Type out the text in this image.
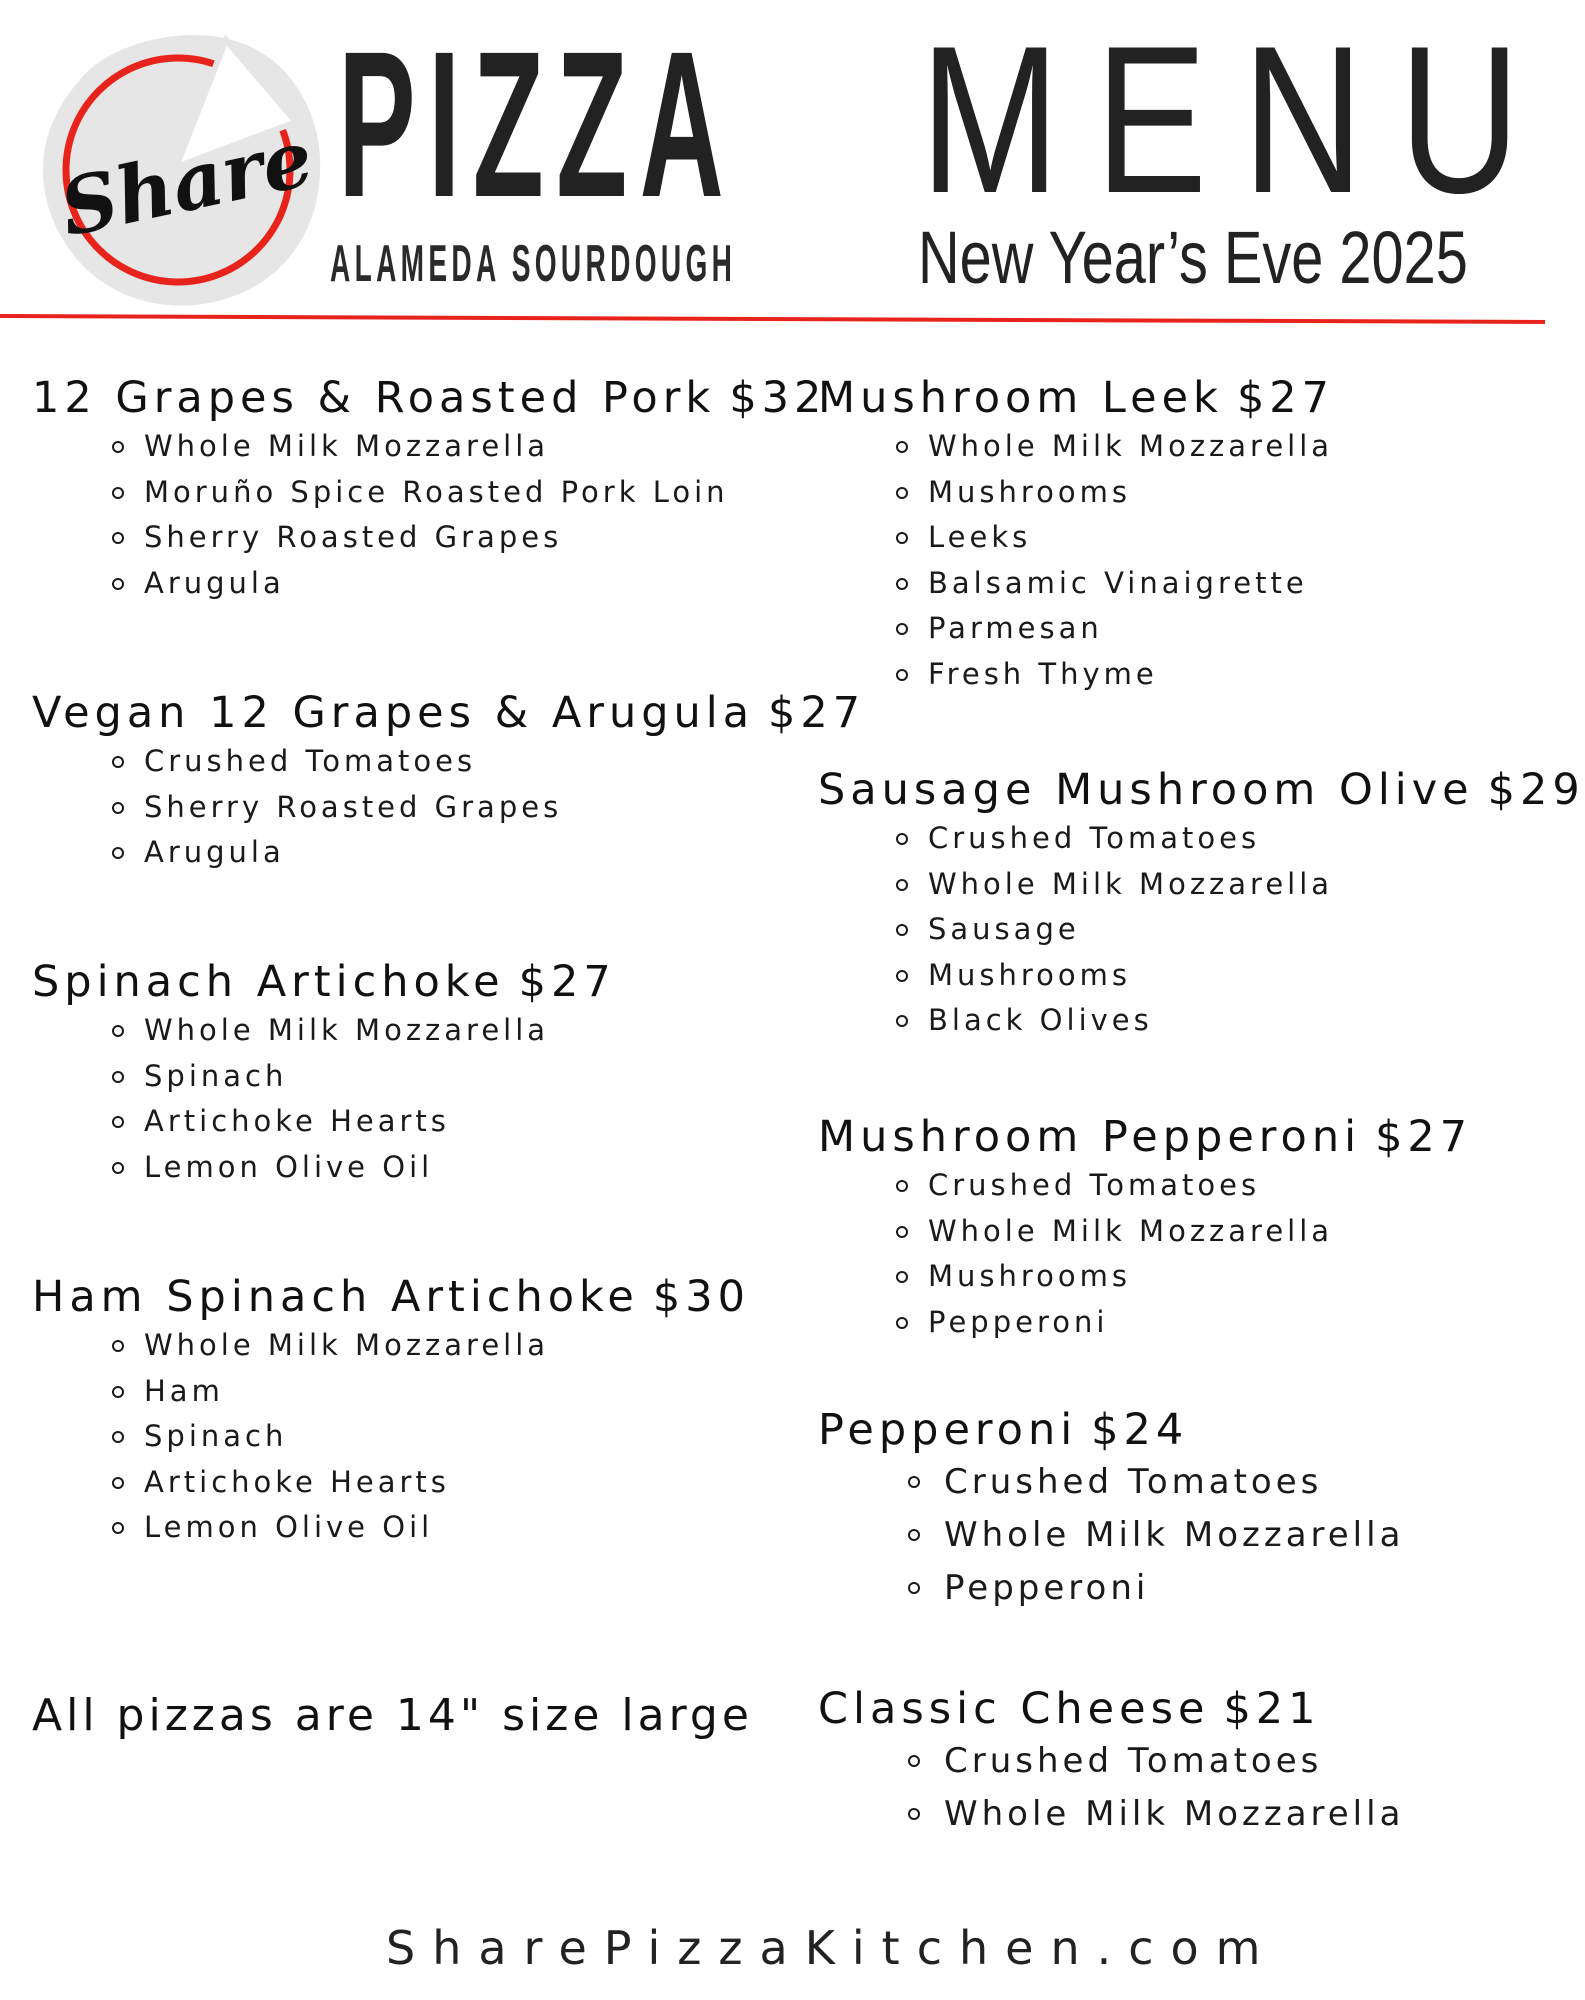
Share PIZZA
ALAMEDA SOURDOUGH
MENU
New Year’s Eve 2025
12 Grapes & Roasted Pork $32
Whole Milk Mozzarella
Moruño Spice Roasted Pork Loin
Sherry Roasted Grapes
Arugula
Vegan 12 Grapes & Arugula $27
Crushed Tomatoes
Sherry Roasted Grapes
Arugula
Spinach Artichoke $27
Whole Milk Mozzarella
Spinach
Artichoke Hearts
Lemon Olive Oil
Ham Spinach Artichoke $30
Whole Milk Mozzarella
Ham
Spinach
Artichoke Hearts
Lemon Olive Oil
All pizzas are 14" size large
Mushroom Leek $27
Whole Milk Mozzarella
Mushrooms
Leeks
Balsamic Vinaigrette
Parmesan
Fresh Thyme
Sausage Mushroom Olive $29
Crushed Tomatoes
Whole Milk Mozzarella
Sausage
Mushrooms
Black Olives
Mushroom Pepperoni $27
Crushed Tomatoes
Whole Milk Mozzarella
Mushrooms
Pepperoni
Pepperoni $24
Crushed Tomatoes
Whole Milk Mozzarella
Pepperoni
Classic Cheese $21
Crushed Tomatoes
Whole Milk Mozzarella
SharePizzaKitchen.com
